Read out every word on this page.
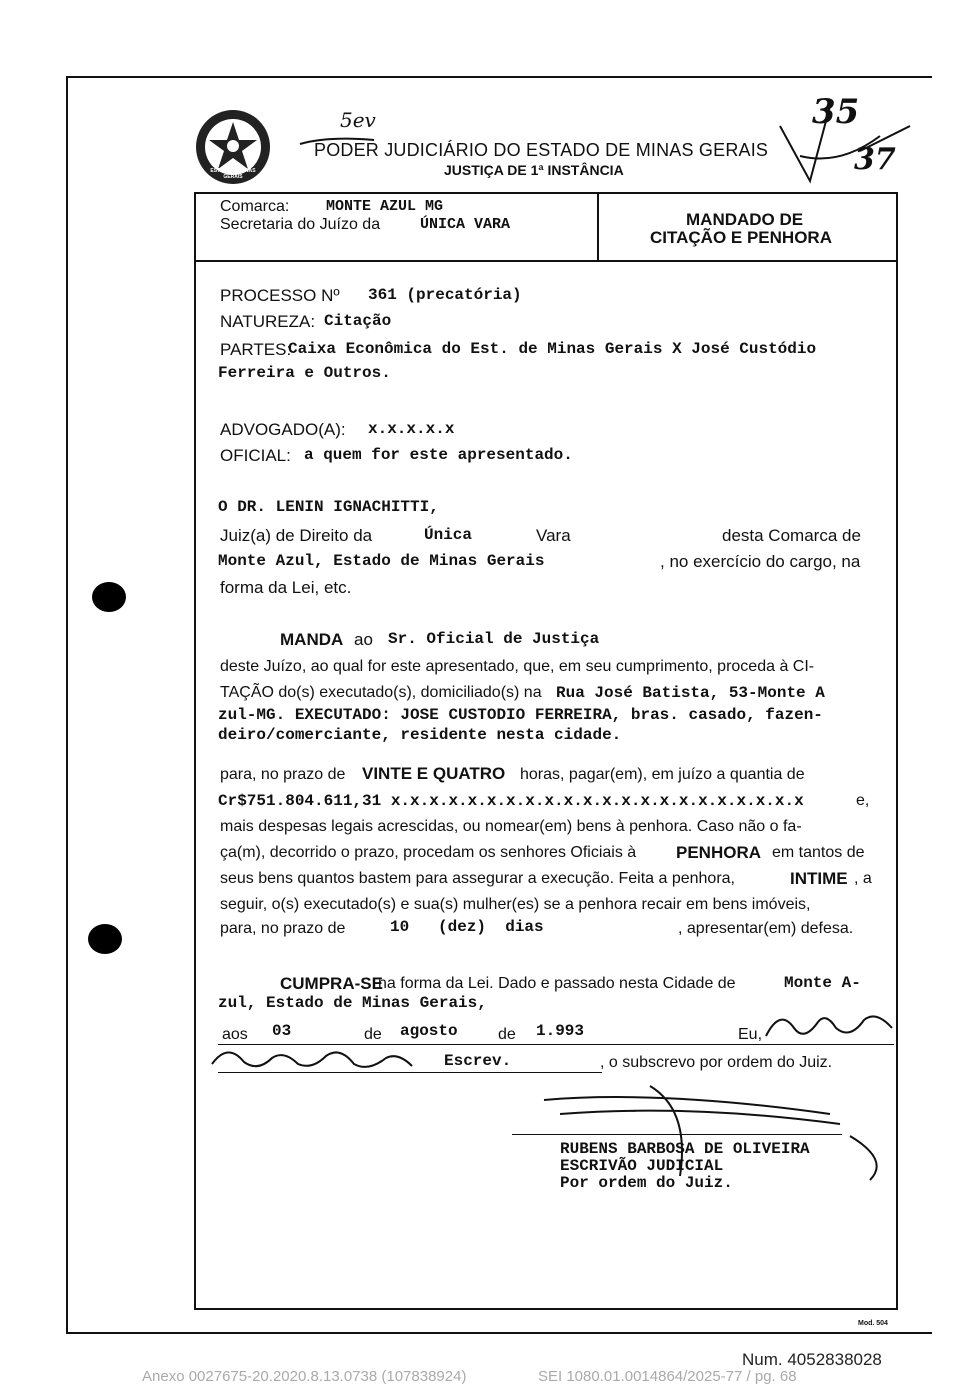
ESTADO de MINAS GERAIS
5ev
PODER JUDICIÁRIO DO ESTADO DE MINAS GERAIS
JUSTIÇA DE 1ª INSTÂNCIA
35
37
Comarca: MONTE AZUL MG
Secretaria do Juízo da	ÚNICA VARA	MANDADO DE
CITAÇÃO E PENHORA
PROCESSO Nº 361 (precatória)
NATUREZA: Citação
PARTES:
Caixa Econômica do Est. de Minas Gerais X José Custódio
Ferreira e Outros.
ADVOGADO(A): x.x.x.x.x
OFICIAL: a quem for este apresentado.
O DR. LENIN IGNACHITTI,
Juiz(a) de Direito da	Única	Vara	desta Comarca de
Monte Azul, Estado de Minas Gerais	, no exercício do cargo, na
forma da Lei, etc.
MANDA ao Sr. Oficial de Justiça
deste Juízo, ao qual for este apresentado, que, em seu cumprimento, proceda à CI-
TAÇÃO do(s) executado(s), domiciliado(s) na Rua José Batista, 53-Monte A
zul-MG. EXECUTADO: JOSE CUSTODIO FERREIRA, bras. casado, fazen-
deiro/comerciante, residente nesta cidade.
para, no prazo de VINTE E QUATRO horas, pagar(em), em juízo a quantia de
Cr$751.804.611,31 x.x.x.x.x.x.x.x.x.x.x.x.x.x.x.x.x.x.x.x.x.x	e,
mais despesas legais acrescidas, ou nomear(em) bens à penhora. Caso não o fa-
ça(m), decorrido o prazo, procedam os senhores Oficiais à PENHORA em tantos de
seus bens quantos bastem para assegurar a execução. Feita a penhora,	INTIME , a
seguir, o(s) executado(s) e sua(s) mulher(es) se a penhora recair em bens imóveis,
para, no prazo de	10   (dez)  dias	, apresentar(em) defesa.
CUMPRA-SE
na forma da Lei. Dado e passado nesta Cidade de	Monte A-
zul, Estado de Minas Gerais,
aos 03	de agosto	de 1.993	Eu,
Escrev.	, o subscrevo por ordem do Juiz.
RUBENS BARBOSA DE OLIVEIRA
ESCRIVÃO JUDICIAL
Por ordem do Juiz.
Mod. 504
Num. 4052838028
Anexo 0027675-20.2020.8.13.0738 (107838924)	SEI 1080.01.0014864/2025-77 / pg. 68
